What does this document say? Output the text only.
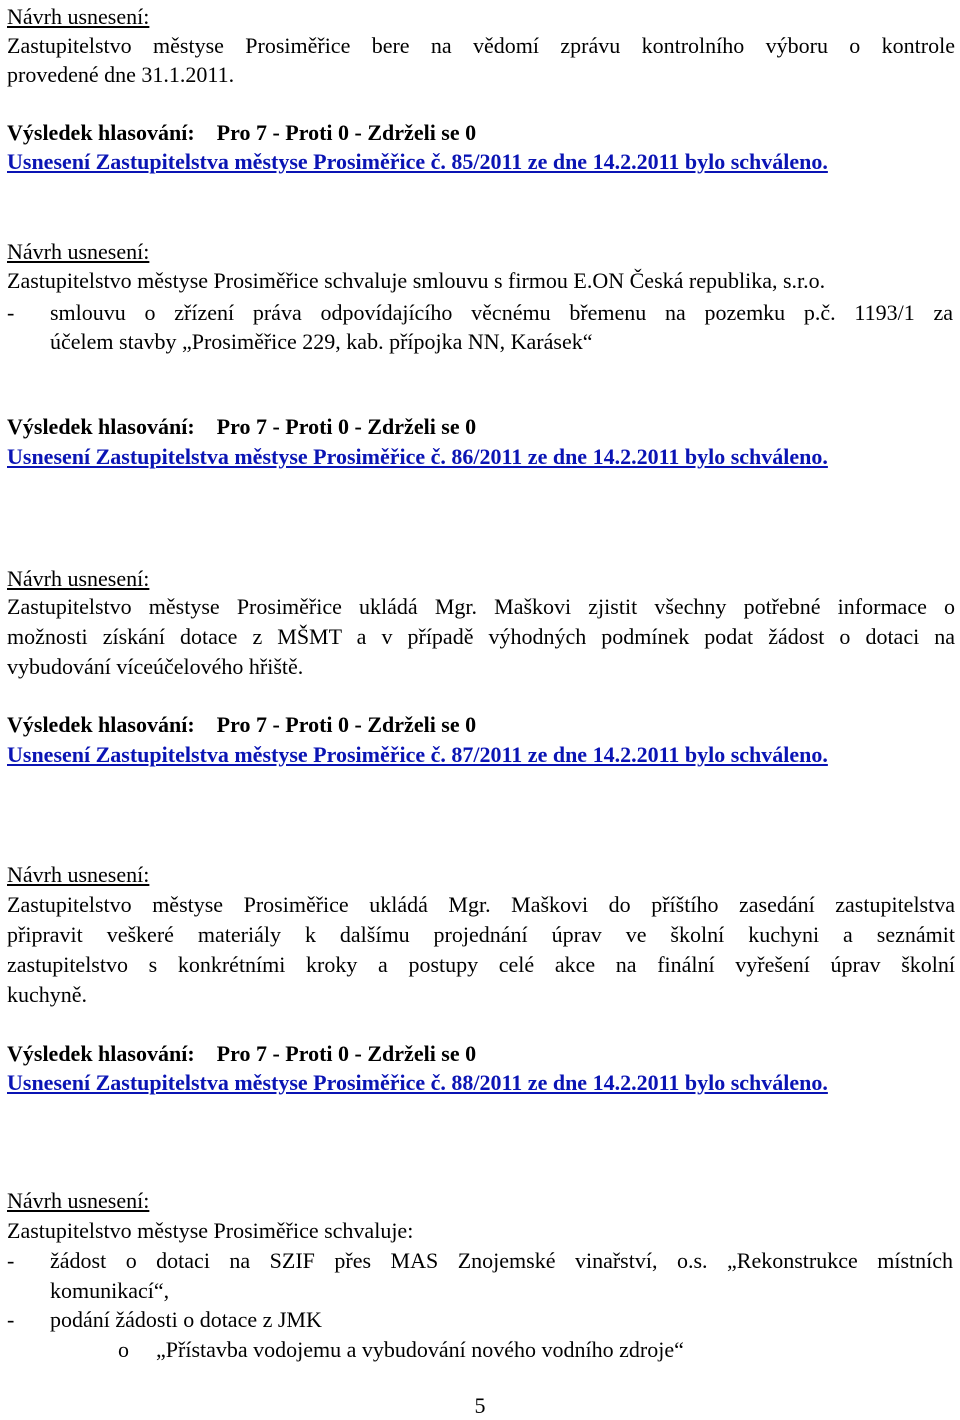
Návrh usnesení:
Zastupitelstvo městyse Prosiměřice bere na vědomí zprávu kontrolního výboru o kontrole
provedené dne 31.1.2011.
Výsledek hlasování: Pro 7 - Proti 0 - Zdrželi se 0
Usnesení Zastupitelstva městyse Prosiměřice č. 85/2011 ze dne 14.2.2011 bylo schváleno.
Návrh usnesení:
Zastupitelstvo městyse Prosiměřice schvaluje smlouvu s firmou E.ON Česká republika, s.r.o.
- smlouvu o zřízení práva odpovídajícího věcnému břemenu na pozemku p.č. 1193/1 za
účelem stavby „Prosiměřice 229, kab. přípojka NN, Karásek“
Výsledek hlasování: Pro 7 - Proti 0 - Zdrželi se 0
Usnesení Zastupitelstva městyse Prosiměřice č. 86/2011 ze dne 14.2.2011 bylo schváleno.
Návrh usnesení:
Zastupitelstvo městyse Prosiměřice ukládá Mgr. Maškovi zjistit všechny potřebné informace o
možnosti získání dotace z MŠMT a v případě výhodných podmínek podat žádost o dotaci na
vybudování víceúčelového hřiště.
Výsledek hlasování: Pro 7 - Proti 0 - Zdrželi se 0
Usnesení Zastupitelstva městyse Prosiměřice č. 87/2011 ze dne 14.2.2011 bylo schváleno.
Návrh usnesení:
Zastupitelstvo městyse Prosiměřice ukládá Mgr. Maškovi do příštího zasedání zastupitelstva
připravit veškeré materiály k dalšímu projednání úprav ve školní kuchyni a seznámit
zastupitelstvo s konkrétními kroky a postupy celé akce na finální vyřešení úprav školní
kuchyně.
Výsledek hlasování: Pro 7 - Proti 0 - Zdrželi se 0
Usnesení Zastupitelstva městyse Prosiměřice č. 88/2011 ze dne 14.2.2011 bylo schváleno.
Návrh usnesení:
Zastupitelstvo městyse Prosiměřice schvaluje:
- žádost o dotaci na SZIF přes MAS Znojemské vinařství, o.s. „Rekonstrukce místních
komunikací“,
- podání žádosti o dotace z JMK
o „Přístavba vodojemu a vybudování nového vodního zdroje“
5
